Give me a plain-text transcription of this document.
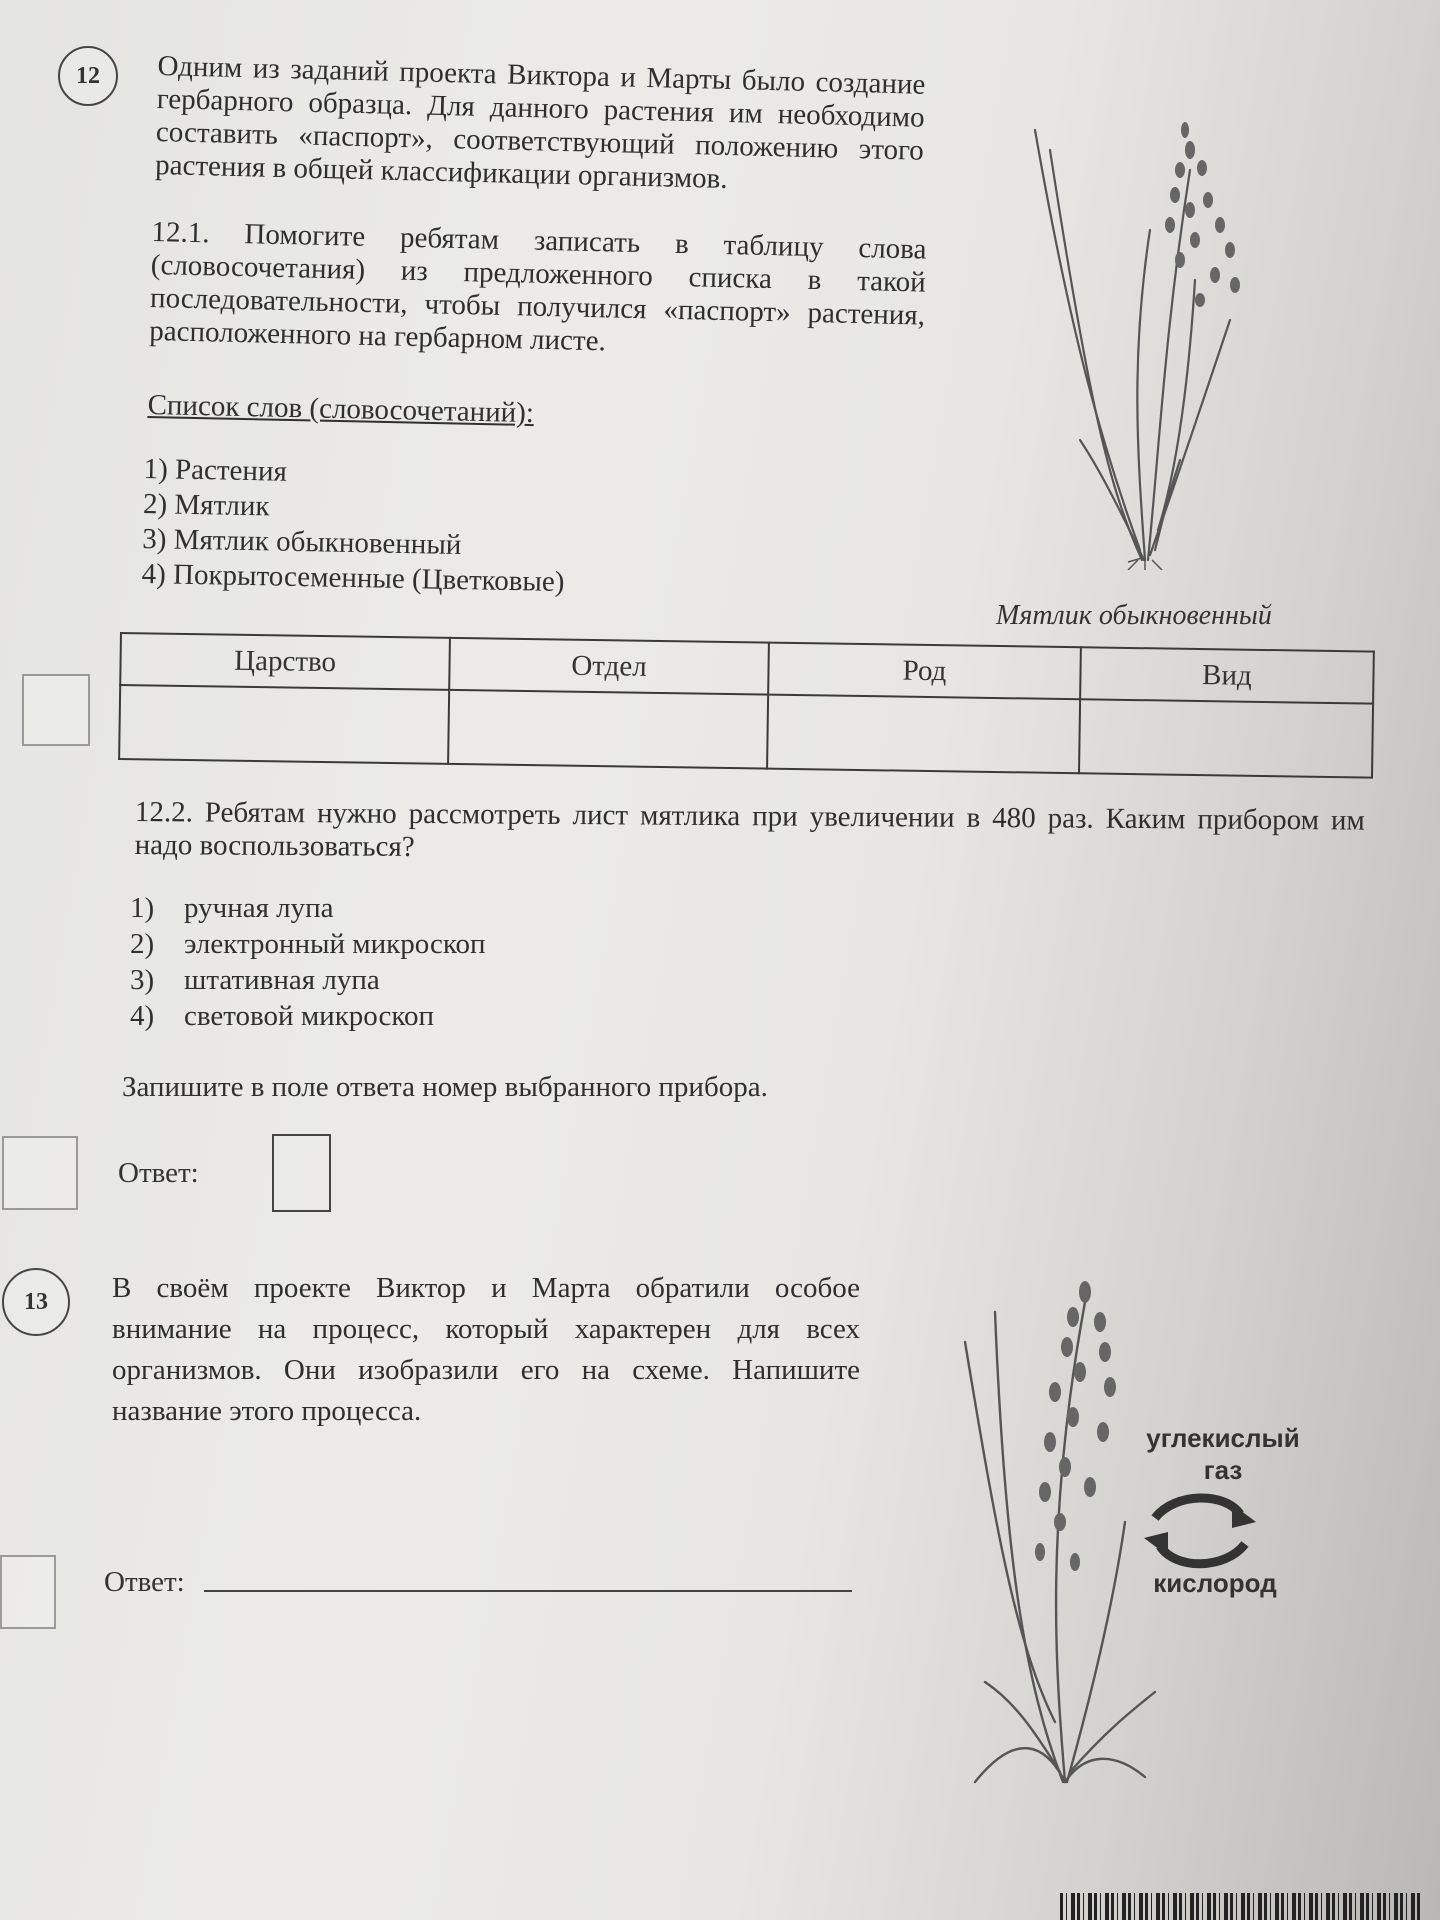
12	Одним из заданий проекта Виктора и Марты было создание гербарного образца. Для данного растения им необходимо составить «паспорт», соответствующий положению этого растения в общей классификации организмов.
12.1. Помогите ребятам записать в таблицу слова (словосочетания) из предложенного списка в такой последовательности, чтобы получился «паспорт» растения, расположенного на гербарном листе.
Список слов (словосочетаний):
1) Растения
2) Мятлик
3) Мятлик обыкновенный
4) Покрытосеменные (Цветковые)
Мятлик обыкновенный
Царство	Отдел	Род	Вид

12.2. Ребятам нужно рассмотреть лист мятлика при увеличении в 480 раз. Каким прибором им надо воспользоваться?
1) ручная лупа
2) электронный микроскоп
3) штативная лупа
4) световой микроскоп
Запишите в поле ответа номер выбранного прибора.
Ответ:
13	В своём проекте Виктор и Марта обратили особое внимание на процесс, который характерен для всех организмов. Они изобразили его на схеме. Напишите название этого процесса.
Ответ:
углекислый газ
кислород
